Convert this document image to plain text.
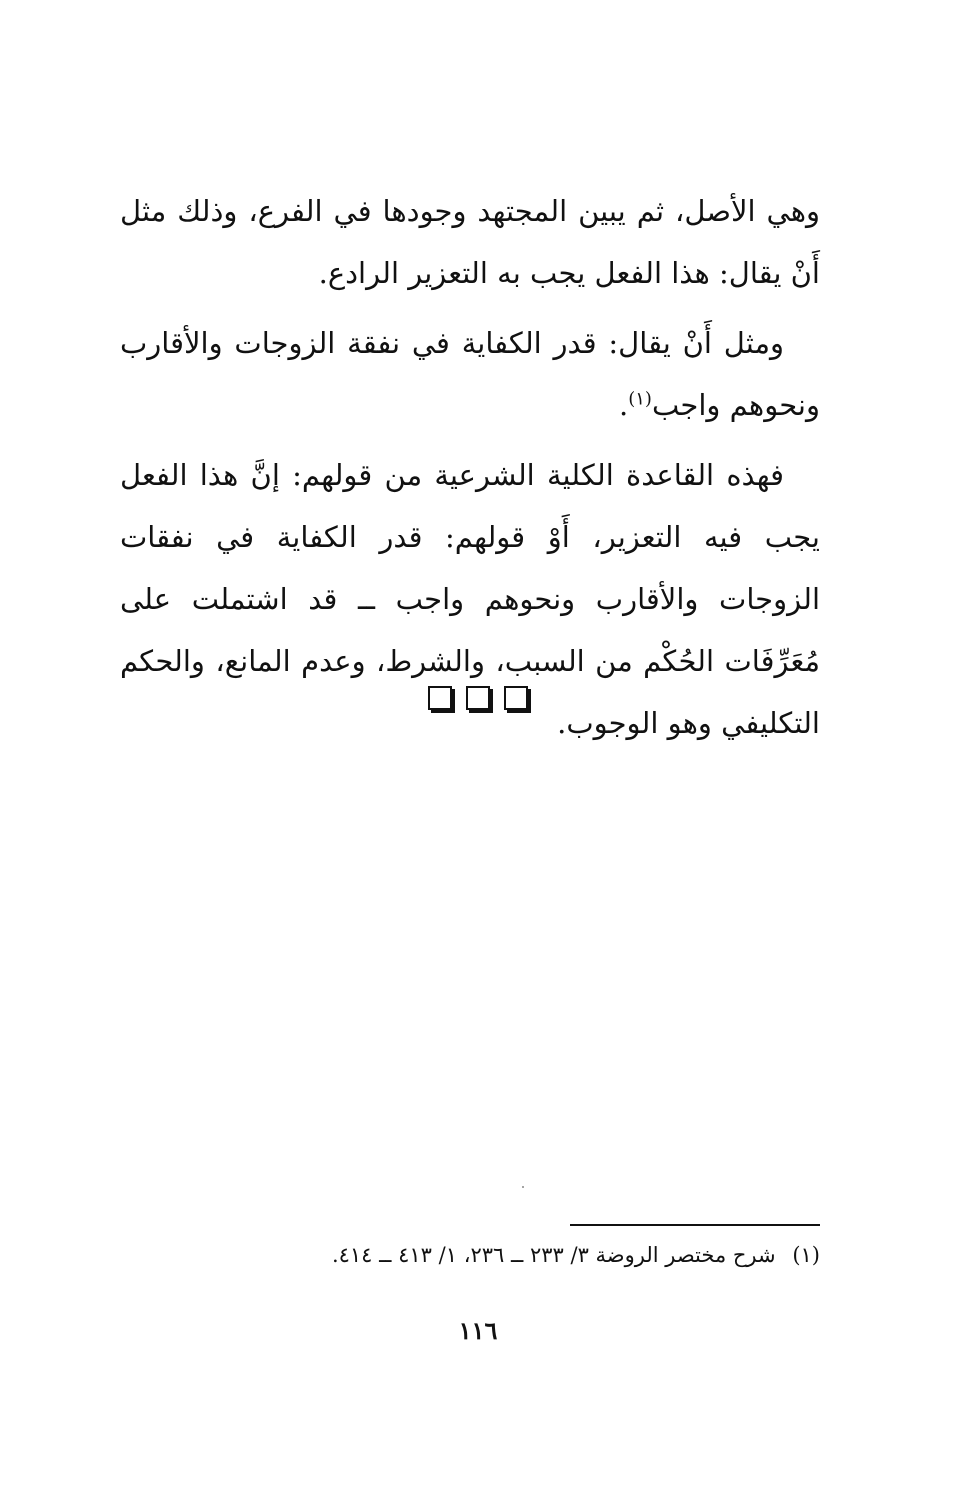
وهي الأصل، ثم يبين المجتهد وجودها في الفرع، وذلك مثل أَنْ يقال: هذا الفعل يجب به التعزير الرادع.

ومثل أَنْ يقال: قدر الكفاية في نفقة الزوجات والأقارب ونحوهم واجب$^{(١)}$.

فهذه القاعدة الكلية الشرعية من قولهم: إنَّ هذا الفعل يجب فيه التعزير، أَوْ قولهم: قدر الكفاية في نفقات الزوجات والأقارب ونحوهم واجب ــ قد اشتملت على مُعَرِّفَات الحُكْم من السبب، والشرط، وعدم المانع، والحكم التكليفي وهو الوجوب.

(١) شرح مختصر الروضة ٣/ ٢٣٣ ــ ٢٣٦، ١/ ٤١٣ ــ ٤١٤.
١١٦
